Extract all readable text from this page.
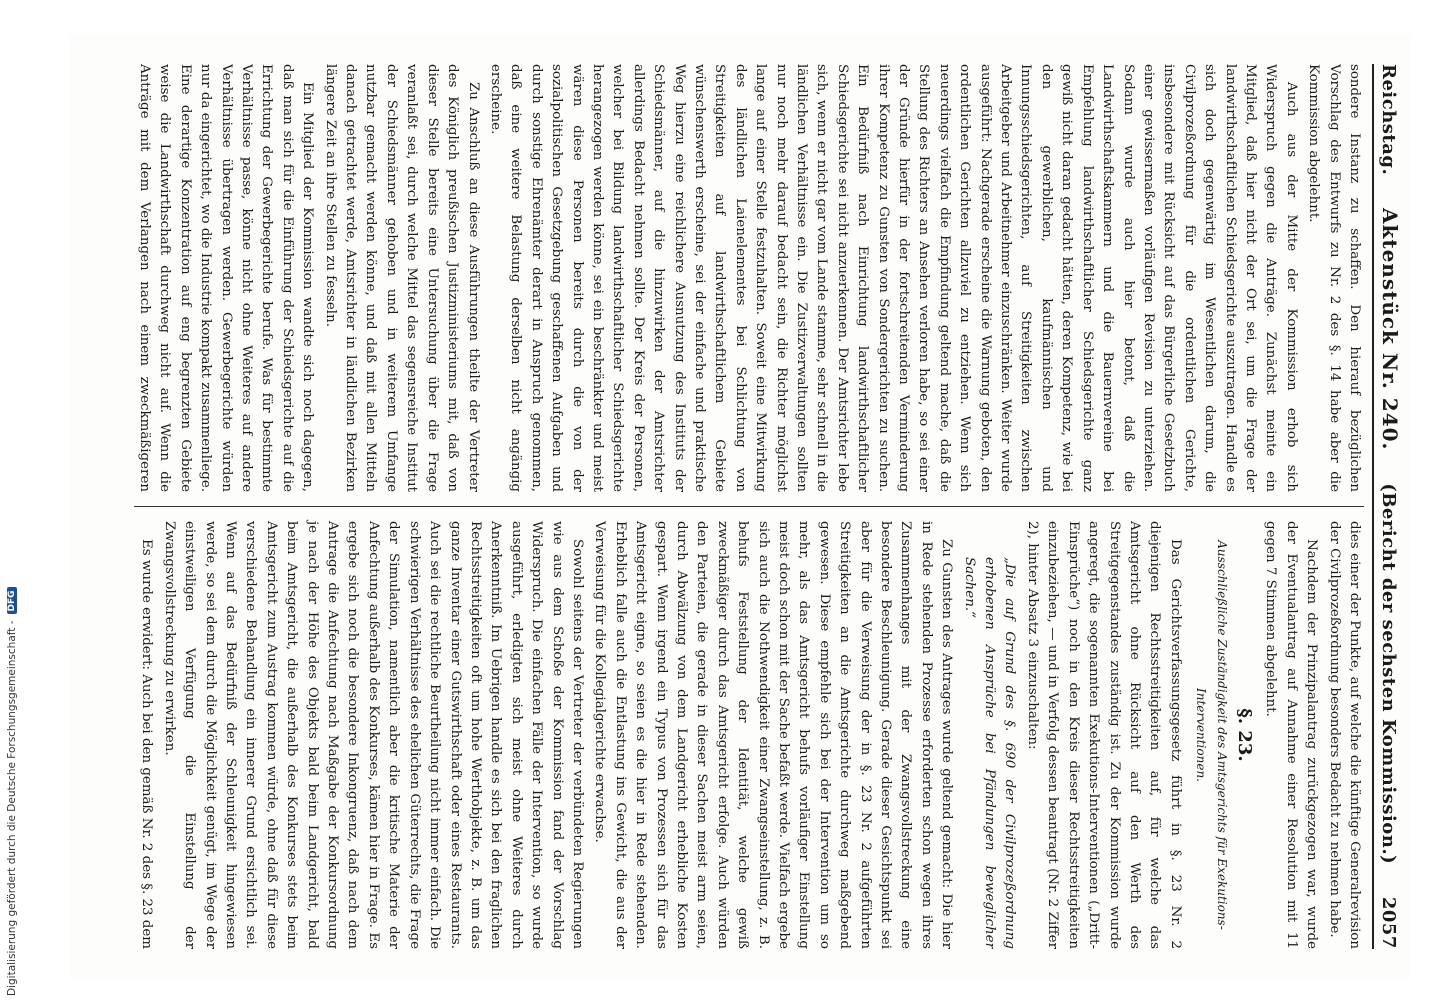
Reichstag.
Aktenstück Nr. 240.
(Bericht der sechsten Kommission.)
2057

sondere Instanz zu schaffen. Den hierauf bezüglichen Vorschlag des Entwurfs zu Nr. 2 des §. 14 habe aber die Kommission abgelehnt.

Auch aus der Mitte der Kommission erhob sich Widerspruch gegen die Anträge. Zunächst meinte ein Mitglied, daß hier nicht der Ort sei, um die Frage der landwirthschaftlichen Schiedsgerichte auszutragen. Handle es sich doch gegenwärtig im Wesentlichen darum, die Civilprozeßordnung für die ordentlichen Gerichte, insbesondere mit Rücksicht auf das Bürgerliche Gesetzbuch einer gewissermaßen vorläufigen Revision zu unterziehen. Sodann wurde auch hier betont, daß die Landwirthschaftskammern und die Bauernvereine bei Empfehlung landwirthschaftlicher Schiedsgerichte ganz gewiß nicht daran gedacht hätten, deren Kompetenz, wie bei den gewerblichen, kaufmännischen und Innungsschiedsgerichten, auf Streitigkeiten zwischen Arbeitgeber und Arbeitnehmer einzuschränken. Weiter wurde ausgeführt: Nachgerade erscheine die Warnung geboten, den ordentlichen Gerichten allzuviel zu entziehen. Wenn sich neuerdings vielfach die Empfindung geltend mache, daß die Stellung des Richters an Ansehen verloren habe, so sei einer der Gründe hierfür in der fortschreitenden Verminderung ihrer Kompetenz zu Gunsten von Sondergerichten zu suchen. Ein Bedürfniß nach Einrichtung landwirthschaftlicher Schiedsgerichte sei nicht anzuerkennen. Der Amtsrichter lebe sich, wenn er nicht gar vom Lande stamme, sehr schnell in die ländlichen Verhältnisse ein. Die Zustizverwaltungen sollten nur noch mehr darauf bedacht sein, die Richter möglichst lange auf einer Stelle festzuhalten. Soweit eine Mitwirkung des ländlichen Laienelementes bei Schlichtung von Streitigkeiten auf landwirthschaftlichem Gebiete wünschenswerth erscheine, sei der einfache und praktische Weg hierzu eine reichlichere Ausnutzung des Instituts der Schiedsmänner, auf die hinzuwirken der Amtsrichter allerdings Bedacht nehmen sollte. Der Kreis der Personen, welcher bei Bildung landwirthschaftlicher Schiedsgerichte herangezogen werden könne, sei ein beschränkter und meist wären diese Personen bereits durch die von der sozialpolitischen Gesetzgebung geschaffenen Aufgaben und durch sonstige Ehrenämter derart in Anspruch genommen, daß eine weitere Belastung derselben nicht angängig erscheine.

Zu Anschluß an diese Ausführungen theilte der Vertreter des Königlich preußischen Justizministeriums mit, daß von dieser Stelle bereits eine Untersuchung über die Frage veranlaßt sei, durch welche Mittel das segensreiche Institut der Schiedsmänner gehoben und in weiterem Umfange nutzbar gemacht werden könne, und daß mit allen Mitteln danach getrachtet werde, Amtsrichter in ländlichen Bezirken längere Zeit an ihre Stellen zu fesseln.

Ein Mitglied der Kommission wandte sich noch dagegen, daß man sich für die Einführung der Schiedsgerichte auf die Errichtung der Gewerbegerichte berufe. Was für bestimmte Verhältnisse passe, könne nicht ohne Weiteres auf andere Verhältnisse übertragen werden. Gewerbegerichte würden nur da eingerichtet, wo die Industrie kompakt zusammenliege. Eine derartige Konzentration auf eng begrenzten Gebiete weise die Landwirthschaft durchweg nicht auf. Wenn die Anträge mit dem Verlangen nach einem zweckmäßigeren

dies einer der Punkte, auf welche die künftige Generalrevision der Civilprozeßordnung besonders Bedacht zu nehmen habe.

Nachdem der Prinzipalantrag zurückgezogen war, wurde der Eventualantrag auf Annahme einer Resolution mit 11 gegen 7 Stimmen abgelehnt.

§. 23.

Ausschließliche Zuständigkeit des Amtsgerichts für Exekutions-Interventionen.

Das Gerichtsverfassungsgesetz führt in §. 23 Nr. 2 diejenigen Rechtsstreitigkeiten auf, für welche das Amtsgericht ohne Rücksicht auf den Werth des Streitgegenstandes zuständig ist. Zu der Kommission wurde angeregt, die sogenannten Exekutions-Interventionen („Dritt-Einsprüche“) noch in den Kreis dieser Rechtsstreitigkeiten einzubeziehen, — und in Verfolg dessen beantragt (Nr. 2 Ziffer 2), hinter Absatz 3 einzuschalten:

„Die auf Grund des §. 690 der Civilprozeßordnung erhobenen Ansprüche bei Pfändungen beweglicher Sachen.“

Zu Gunsten des Antrages wurde geltend gemacht: Die hier in Rede stehenden Prozesse erforderten schon wegen ihres Zusammenhanges mit der Zwangsvollstreckung eine besondere Beschleunigung. Gerade dieser Gesichtspunkt sei aber für die Verweisung der in §. 23 Nr. 2 aufgeführten Streitigkeiten an die Amtsgerichte durchweg maßgebend gewesen. Diese empfehle sich bei der Intervention um so mehr, als das Amtsgericht behufs vorläufiger Einstellung meist doch schon mit der Sache befaßt werde. Vielfach ergebe sich auch die Nothwendigkeit einer Zwangseinstellung, z. B. behufs Feststellung der Identität, welche gewiß zweckmäßiger durch das Amtsgericht erfolge. Auch würden den Parteien, die gerade in dieser Sachen meist arm seien, durch Abwälzung von dem Landgericht erhebliche Kosten gespart. Wenn irgend ein Typus von Prozessen sich für das Amtsgericht eigne, so seien es die hier in Rede stehenden. Erheblich falle auch die Entlastung ins Gewicht, die aus der Verweisung für die Kollegialgerichte erwachse.

Sowohl seitens der Vertreter der verbündeten Regierungen wie aus dem Schoße der Kommission fand der Vorschlag Widerspruch. Die einfachen Fälle der Intervention, so wurde ausgeführt, erledigten sich meist ohne Weiteres durch Anerkenntniß. Im Uebrigen handle es sich bei den fraglichen Rechtsstreitigkeiten oft um hohe Werthobjekte, z. B. um das ganze Inventar einer Gutswirthschaft oder eines Restaurants. Auch sei die rechtliche Beurtheilung nicht immer einfach. Die schwierigen Verhältnisse des ehelichen Güterrechts, die Frage der Simulation, namentlich aber die kritische Materie der Anfechtung außerhalb des Konkurses, kämen hier in Frage. Es ergebe sich noch die besondere Inkongruenz, daß nach dem Antrage die Anfechtung nach Maßgabe der Konkursordnung je nach der Höhe des Objekts bald beim Landgericht, bald beim Amtsgericht, die außerhalb des Konkurses stets beim Amtsgericht zum Austrag kommen würde, ohne daß für diese verschiedene Behandlung ein innerer Grund ersichtlich sei. Wenn auf das Bedürfniß der Schleunigkeit hingewiesen werde, so sei dem durch die Möglichkeit genügt, im Wege der einstweiligen Verfügung die Einstellung der Zwangsvollstreckung zu erwirken.

Es wurde erwidert: Auch bei den gemäß Nr. 2 des §. 23 dem

Digitalisierung gefördert durch die Deutsche Forschungsgemeinschaft -
DFG
